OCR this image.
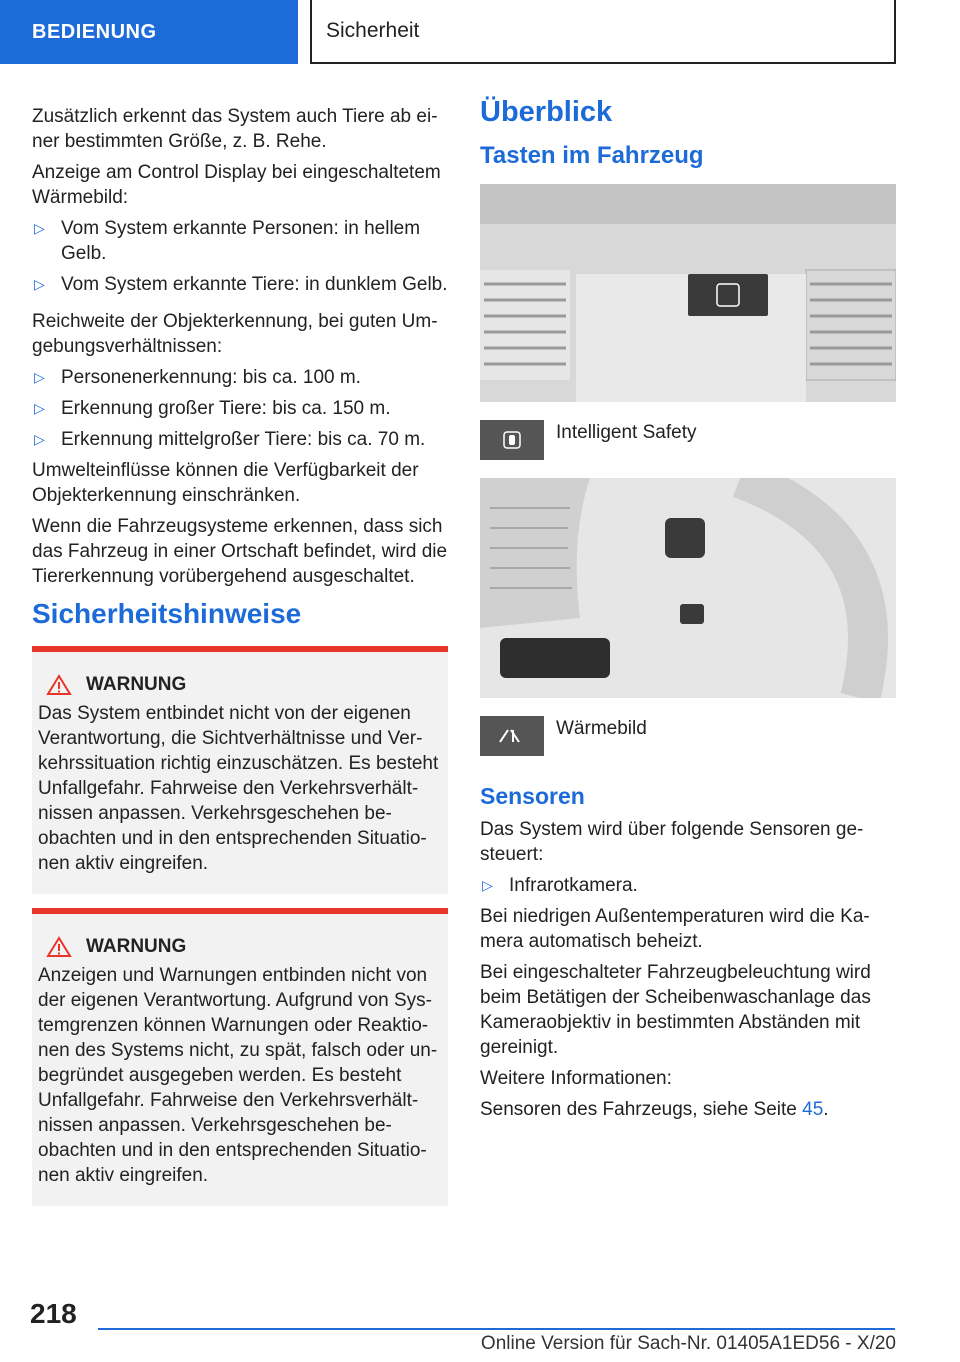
BEDIENUNG	Sicherheit

Zusätzlich erkennt das System auch Tiere ab ei-ner bestimmten Größe, z. B. Rehe.

Anzeige am Control Display bei eingeschaltetem Wärmebild:

▷ Vom System erkannte Personen: in hellem Gelb.
▷ Vom System erkannte Tiere: in dunklem Gelb.

Reichweite der Objekterkennung, bei guten Um-gebungsverhältnissen:

▷ Personenerkennung: bis ca. 100 m.
▷ Erkennung großer Tiere: bis ca. 150 m.
▷ Erkennung mittelgroßer Tiere: bis ca. 70 m.

Umwelteinflüsse können die Verfügbarkeit der Objekterkennung einschränken.

Wenn die Fahrzeugsysteme erkennen, dass sich das Fahrzeug in einer Ortschaft befindet, wird die Tiererkennung vorübergehend ausgeschaltet.

Sicherheitshinweise
WARNUNG

Das System entbindet nicht von der eigenen Verantwortung, die Sichtverhältnisse und Ver-kehrssituation richtig einzuschätzen. Es besteht Unfallgefahr. Fahrweise den Verkehrsverhält-nissen anpassen. Verkehrsgeschehen be-obachten und in den entsprechenden Situatio-nen aktiv eingreifen.

WARNUNG

Anzeigen und Warnungen entbinden nicht von der eigenen Verantwortung. Aufgrund von Sys-temgrenzen können Warnungen oder Reaktio-nen des Systems nicht, zu spät, falsch oder un-begründet ausgegeben werden. Es besteht Unfallgefahr. Fahrweise den Verkehrsverhält-nissen anpassen. Verkehrsgeschehen be-obachten und in den entsprechenden Situatio-nen aktiv eingreifen.

Überblick
Tasten im Fahrzeug
Intelligent Safety
Wärmebild
Sensoren

Das System wird über folgende Sensoren ge-steuert:

▷ Infrarotkamera.

Bei niedrigen Außentemperaturen wird die Ka-mera automatisch beheizt.

Bei eingeschalteter Fahrzeugbeleuchtung wird beim Betätigen der Scheibenwaschanlage das Kameraobjektiv in bestimmten Abständen mit gereinigt.

Weitere Informationen:

Sensoren des Fahrzeugs, siehe Seite 45.

218
Online Version für Sach-Nr. 01405A1ED56 - X/20
